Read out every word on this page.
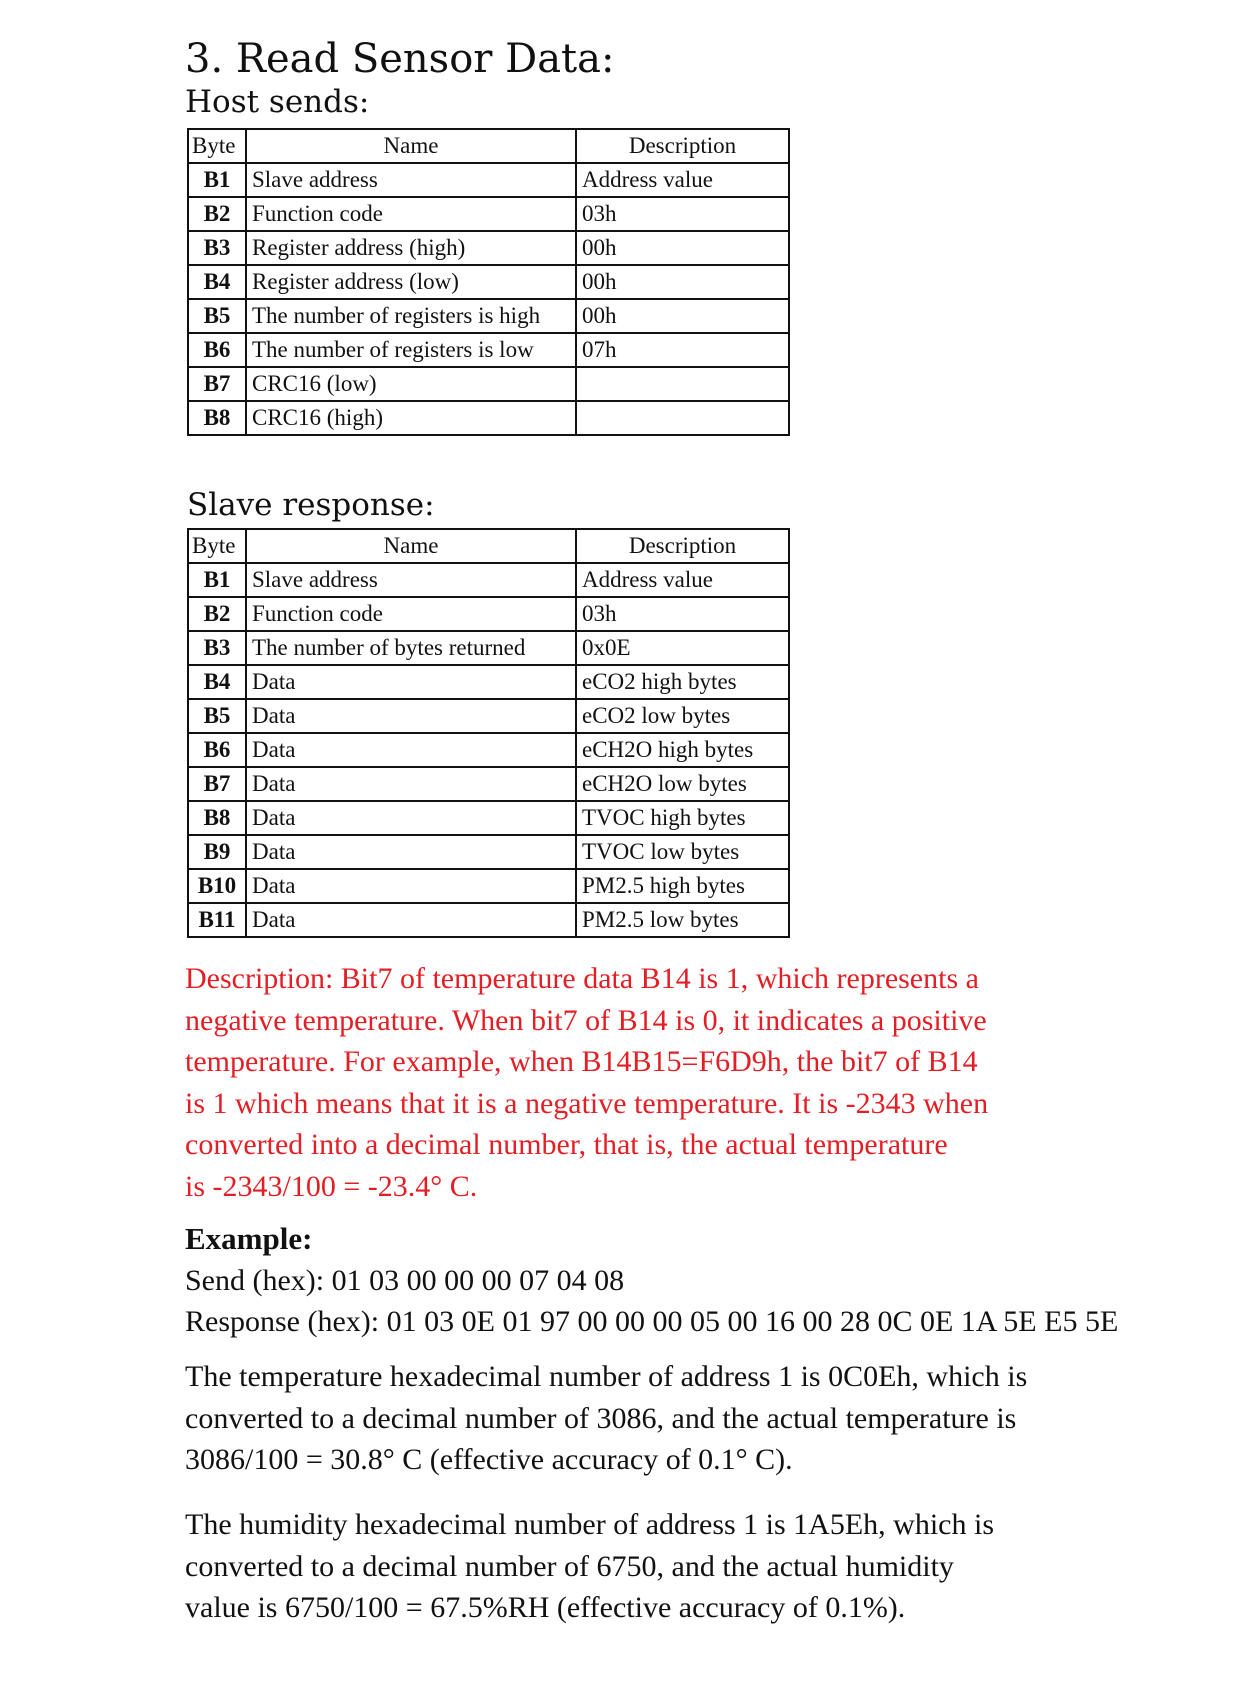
3. Read Sensor Data:
Host sends:
Byte	Name	Description
B1	Slave address	Address value
B2	Function code	03h
B3	Register address (high)	00h
B4	Register address (low)	00h
B5	The number of registers is high	00h
B6	The number of registers is low	07h
B7	CRC16 (low)	
B8	CRC16 (high)	
Slave response:
Byte	Name	Description
B1	Slave address	Address value
B2	Function code	03h
B3	The number of bytes returned	0x0E
B4	Data	eCO2 high bytes
B5	Data	eCO2 low bytes
B6	Data	eCH2O high bytes
B7	Data	eCH2O low bytes
B8	Data	TVOC high bytes
B9	Data	TVOC low bytes
B10	Data	PM2.5 high bytes
B11	Data	PM2.5 low bytes
Description: Bit7 of temperature data B14 is 1, which represents a
negative temperature. When bit7 of B14 is 0, it indicates a positive
temperature. For example, when B14B15=F6D9h, the bit7 of B14
is 1 which means that it is a negative temperature. It is -2343 when
converted into a decimal number, that is, the actual temperature
is -2343/100 = -23.4° C.
Example:
Send (hex): 01 03 00 00 00 07 04 08
Response (hex): 01 03 0E 01 97 00 00 00 05 00 16 00 28 0C 0E 1A 5E E5 5E
The temperature hexadecimal number of address 1 is 0C0Eh, which is
converted to a decimal number of 3086, and the actual temperature is
3086/100 = 30.8° C (effective accuracy of 0.1° C).
The humidity hexadecimal number of address 1 is 1A5Eh, which is
converted to a decimal number of 6750, and the actual humidity
value is 6750/100 = 67.5%RH (effective accuracy of 0.1%).
